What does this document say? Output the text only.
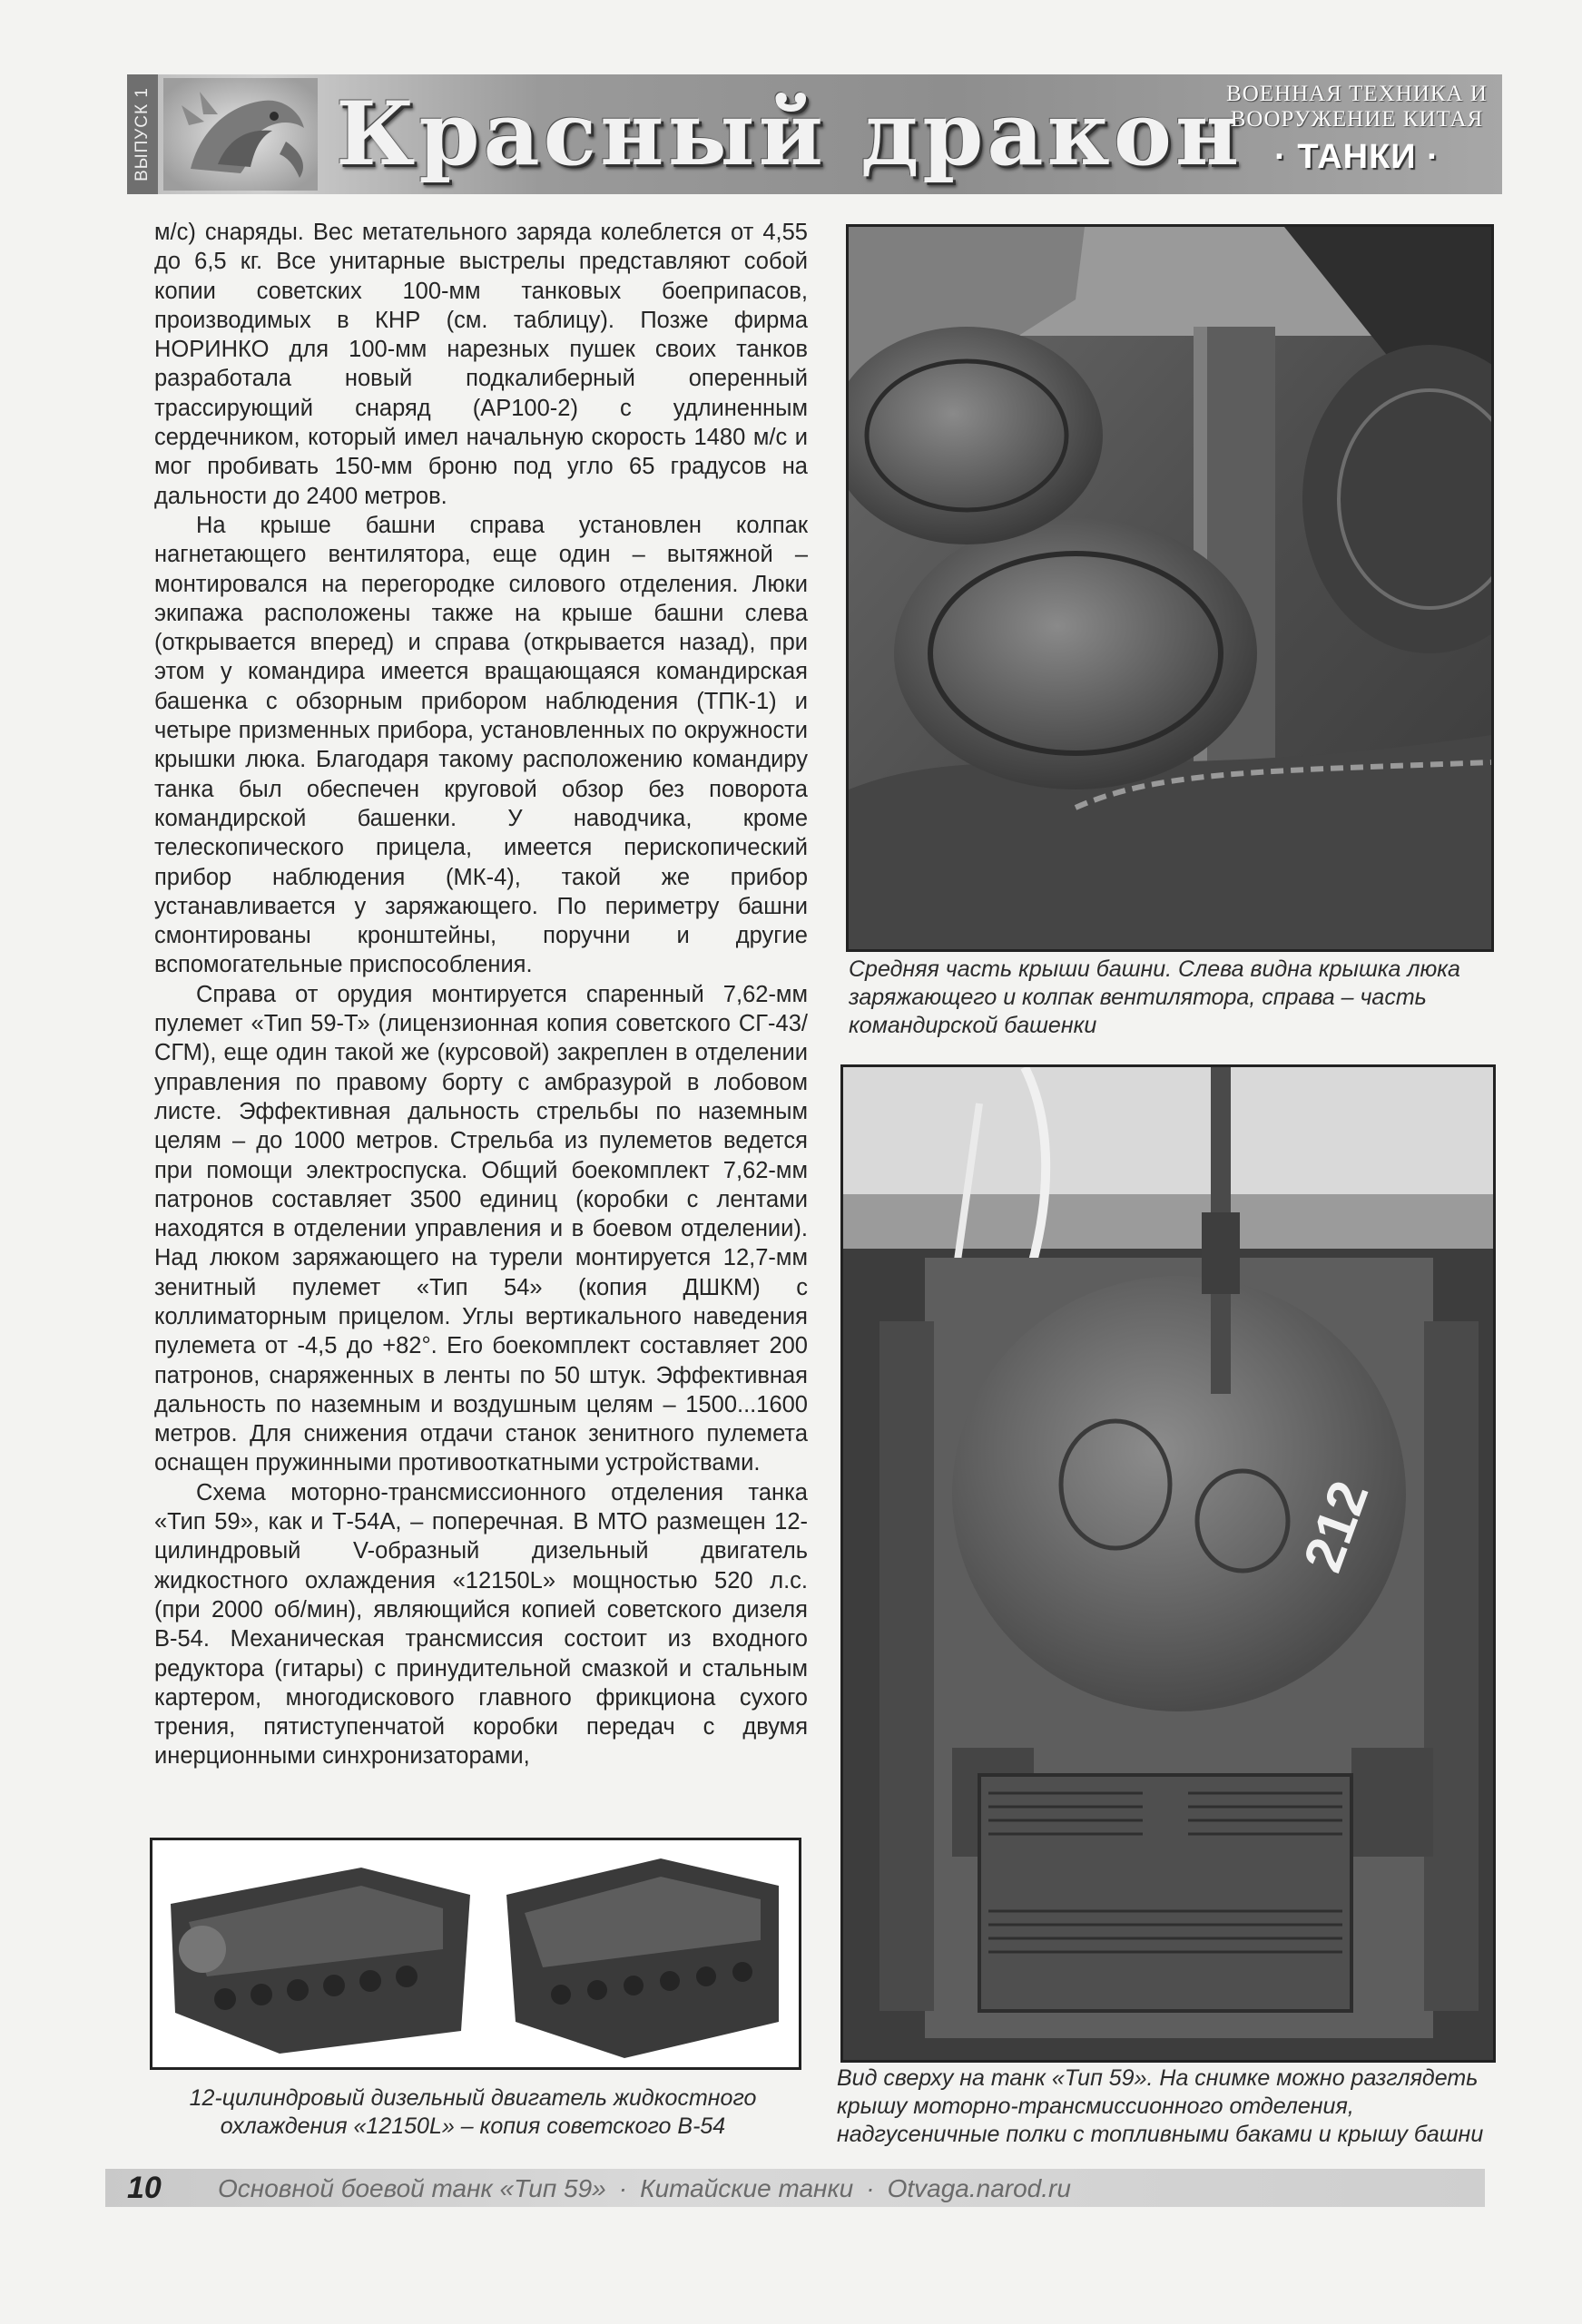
ВЫПУСК 1 Красный дракон
ВОЕННАЯ ТЕХНИКА И
ВООРУЖЕНИЕ КИТАЯ
· ТАНКИ ·

м/с) снаряды. Вес метательного заряда колеблется от 4,55 до 6,5 кг. Все унитарные выстрелы представляют собой копии советских 100-мм танковых боеприпасов, производимых в КНР (см. таблицу). Позже фирма НОРИНКО для 100-мм нарезных пушек своих танков разработала новый подкалиберный оперенный трассирующий снаряд (АР100-2) с удлиненным сердечником, который имел начальную скорость 1480 м/с и мог пробивать 150-мм броню под угло 65 градусов на дальности до 2400 метров.

На крыше башни справа установлен колпак нагнетающего вентилятора, еще один – вытяжной – монтировался на перегородке силового отделения. Люки экипажа расположены также на крыше башни слева (открывается вперед) и справа (открывается назад), при этом у командира имеется вращающаяся командирская башенка с обзорным прибором наблюдения (ТПК-1) и четыре призменных прибора, установленных по окружности крышки люка. Благодаря такому расположению командиру танка был обеспечен круговой обзор без поворота командирской башенки. У наводчика, кроме телескопического прицела, имеется перископический прибор наблюдения (МК-4), такой же прибор устанавливается у заряжающего. По периметру башни смонтированы кронштейны, поручни и другие вспомогательные приспособления.

Справа от орудия монтируется спаренный 7,62-мм пулемет «Тип 59-Т» (лицензионная копия советского СГ-43/СГМ), еще один такой же (курсовой) закреплен в отделении управления по правому борту с амбразурой в лобовом листе. Эффективная дальность стрельбы по наземным целям – до 1000 метров. Стрельба из пулеметов ведется при помощи электроспуска. Общий боекомплект 7,62-мм патронов составляет 3500 единиц (коробки с лентами находятся в отделении управления и в боевом отделении). Над люком заряжающего на турели монтируется 12,7-мм зенитный пулемет «Тип 54» (копия ДШКМ) с коллиматорным прицелом. Углы вертикального наведения пулемета от -4,5 до +82°. Его боекомплект составляет 200 патронов, снаряженных в ленты по 50 штук. Эффективная дальность по наземным и воздушным целям – 1500...1600 метров. Для снижения отдачи станок зенитного пулемета оснащен пружинными противооткатными устройствами.

Схема моторно-трансмиссионного отделения танка «Тип 59», как и Т-54А, – поперечная. В МТО размещен 12-цилиндровый V-образный дизельный двигатель жидкостного охлаждения «12150L» мощностью 520 л.с. (при 2000 об/мин), являющийся копией советского дизеля В-54. Механическая трансмиссия состоит из входного редуктора (гитары) с принудительной смазкой и стальным картером, многодискового главного фрикциона сухого трения, пятиступенчатой коробки передач с двумя инерционными синхронизаторами,

Средняя часть крыши башни. Слева видна крышка люка заряжающего и колпак вентилятора, справа – часть командирской башенки
212
Вид сверху на танк «Тип 59». На снимке можно разглядеть крышу моторно-трансмиссионного отделения, надгусеничные полки с топливными баками и крышу башни
12-цилиндровый дизельный двигатель жидкостного охлаждения «12150L» – копия советского В-54
10 Основной боевой танк «Тип 59» · Китайские танки · Otvaga.narod.ru
